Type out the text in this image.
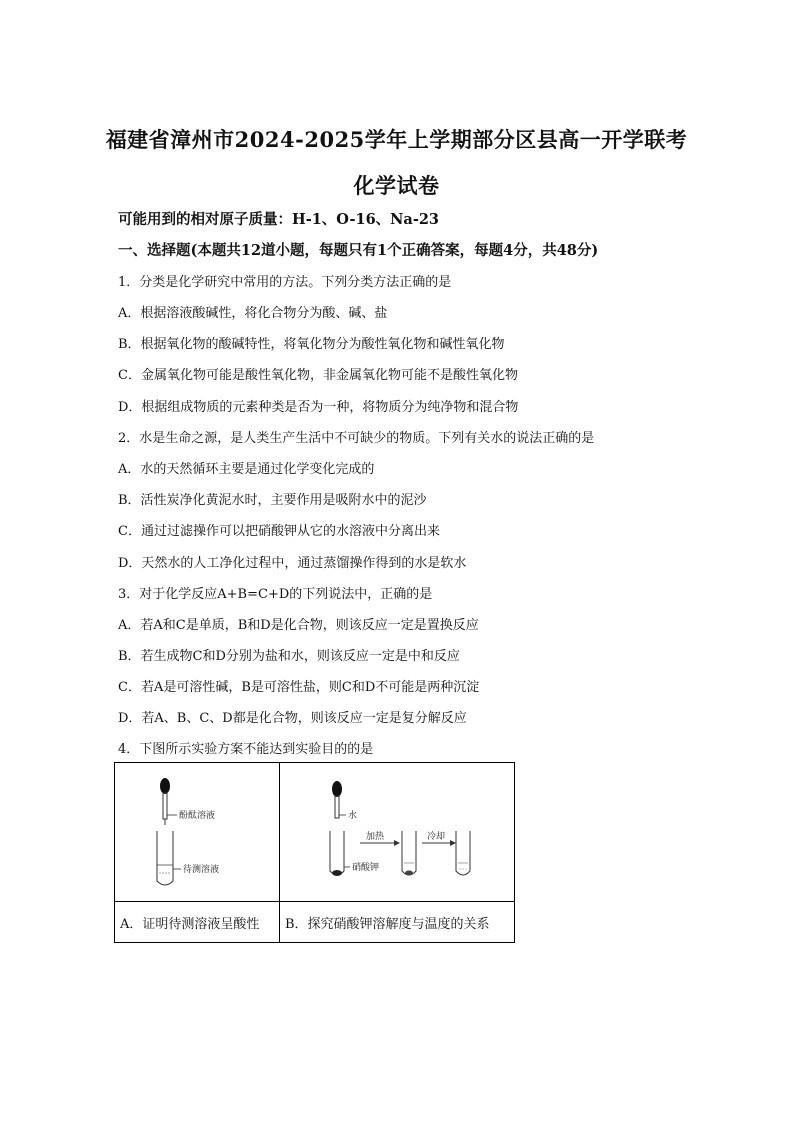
福建省漳州市2024-2025学年上学期部分区县高一开学联考
化学试卷
可能用到的相对原子质量：H-1、O-16、Na-23
一、选择题(本题共12道小题，每题只有1个正确答案，每题4分，共48分)
1．分类是化学研究中常用的方法。下列分类方法正确的是
A．根据溶液酸碱性，将化合物分为酸、碱、盐
B．根据氧化物的酸碱特性，将氧化物分为酸性氧化物和碱性氧化物
C．金属氧化物可能是酸性氧化物，非金属氧化物可能不是酸性氧化物
D．根据组成物质的元素种类是否为一种，将物质分为纯净物和混合物
2．水是生命之源，是人类生产生活中不可缺少的物质。下列有关水的说法正确的是
A．水的天然循环主要是通过化学变化完成的
B．活性炭净化黄泥水时，主要作用是吸附水中的泥沙
C．通过过滤操作可以把硝酸钾从它的水溶液中分离出来
D．天然水的人工净化过程中，通过蒸馏操作得到的水是软水
3．对于化学反应A+B=C+D的下列说法中，正确的是
A．若A和C是单质，B和D是化合物，则该反应一定是置换反应
B．若生成物C和D分别为盐和水，则该反应一定是中和反应
C．若A是可溶性碱，B是可溶性盐，则C和D不可能是两种沉淀
D．若A、B、C、D都是化合物，则该反应一定是复分解反应
4．下图所示实验方案不能达到实验目的的是
酚酞溶液
待测溶液	水
硝酸钾
加热 冷却

A．证明待测溶液呈酸性	B．探究硝酸钾溶解度与温度的关系
